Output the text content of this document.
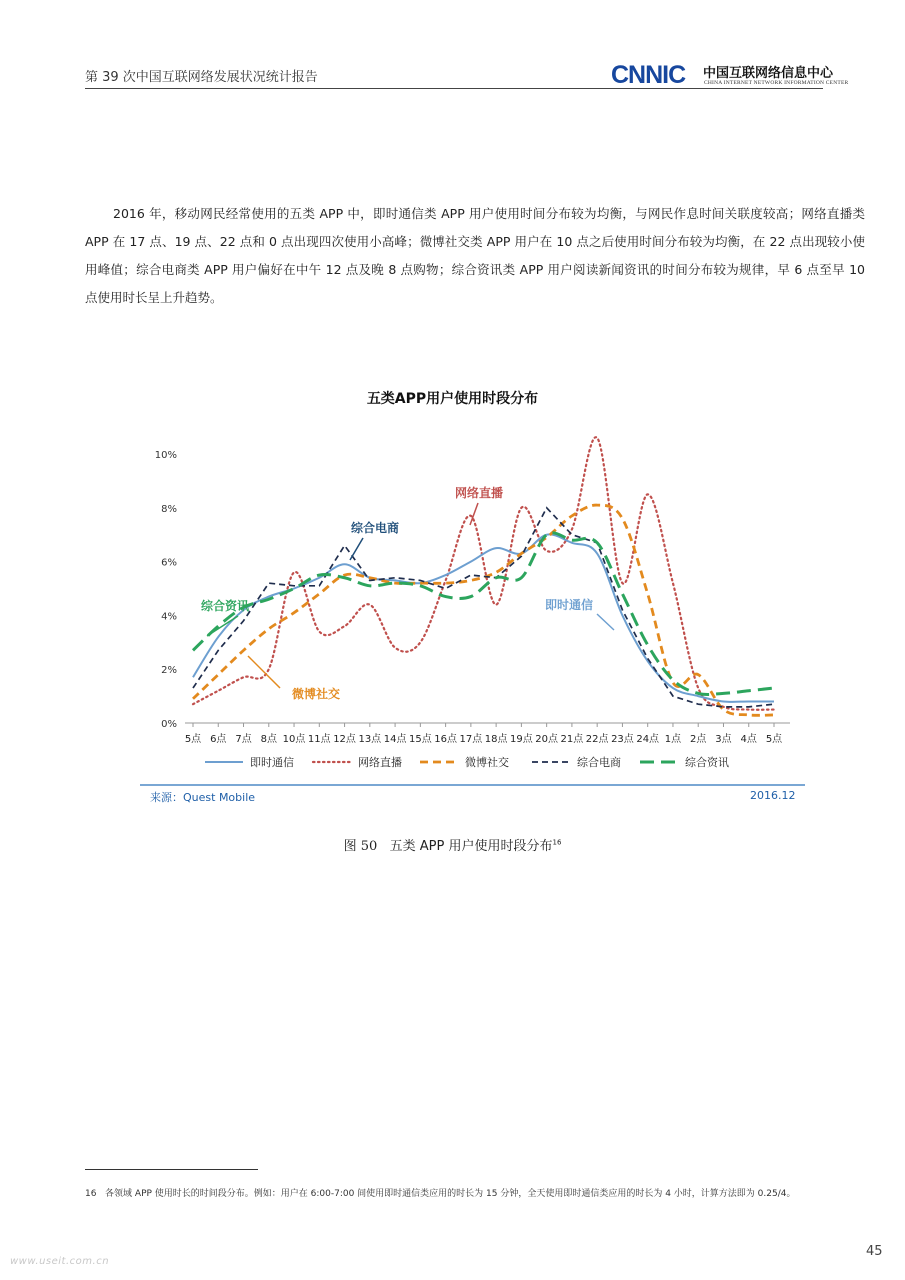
第 39 次中国互联网络发展状况统计报告	CNNIC 中国互联网络信息中心
CHINA INTERNET NETWORK INFORMATION CENTER
2016 年，移动网民经常使用的五类 APP 中，即时通信类 APP 用户使用时间分布较为均衡，与网民作息时间关联度较高；网络直播类 APP 在 17 点、19 点、22 点和 0 点出现四次使用小高峰；微博社交类 APP 用户在 10 点之后使用时间分布较为均衡，在 22 点出现较小使用峰值；综合电商类 APP 用户偏好在中午 12 点及晚 8 点购物；综合资讯类 APP 用户阅读新闻资讯的时间分布较为规律，早 6 点至早 10 点使用时长呈上升趋势。
五类APP用户使用时段分布
0%
2%
4%
6%
8%
10%
5点 6点 7点 8点 10点 11点 12点 13点 14点 15点 16点 17点 18点 19点 20点 21点 22点 23点 24点 1点 2点 3点 4点 5点
综合电商
网络直播
综合资讯	即时通信
微博社交
即时通信	网络直播	微博社交	综合电商	综合资讯
来源：Quest Mobile	2016.12
图 50 五类 APP 用户使用时段分布$^{16}$
16 各领域 APP 使用时长的时间段分布。例如：用户在 6:00-7:00 间使用即时通信类应用的时长为 15 分钟，全天使用即时通信类应用的时长为 4 小时，计算方法即为 0.25/4。
45
www.useit.com.cn
